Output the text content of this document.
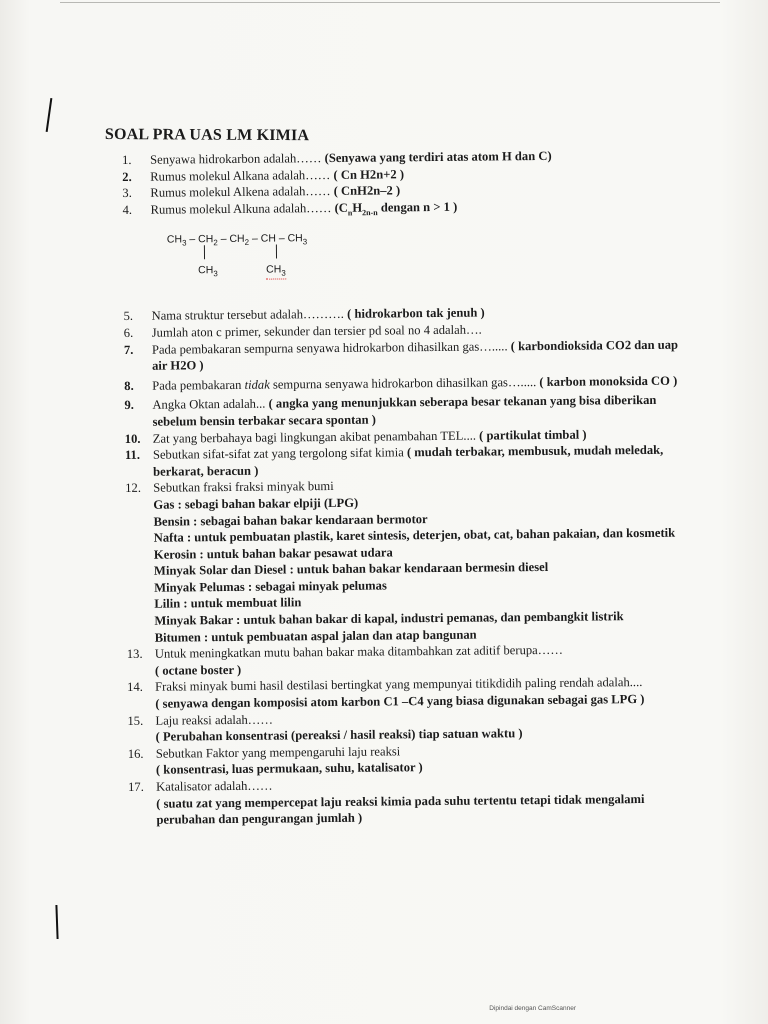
SOAL PRA UAS LM KIMIA

1.	Senyawa hidrokarbon adalah…… (Senyawa yang terdiri atas atom H dan C)

2.	Rumus molekul Alkana adalah…… ( Cn H2n+2 )

3.	Rumus molekul Alkena adalah…… ( CnH2n–2 )

4.	Rumus molekul Alkuna adalah…… ($C_nH_{2n-n}$ dengan n > 1 )

$CH_3 - CH_2 - CH_2$ – CH – $CH_3$
$CH_3$	$CH_3$

5.	Nama struktur tersebut adalah………. ( hidrokarbon tak jenuh )

6.	Jumlah aton c primer, sekunder dan tersier pd soal no 4 adalah….

7.	Pada pembakaran sempurna senyawa hidrokarbon dihasilkan gas…..... ( karbondioksida CO2 dan uap air H2O )

8.	Pada pembakaran tidak sempurna senyawa hidrokarbon dihasilkan gas…..... ( karbon monoksida CO )

9.	Angka Oktan adalah... ( angka yang menunjukkan seberapa besar tekanan yang bisa diberikan sebelum bensin terbakar secara spontan )

10. Zat yang berbahaya bagi lingkungan akibat penambahan TEL.... ( partikulat timbal )

11.	Sebutkan sifat-sifat zat yang tergolong sifat kimia ( mudah terbakar, membusuk, mudah meledak, berkarat, beracun )

12. Sebutkan fraksi fraksi minyak bumi

Gas : sebagi bahan bakar elpiji (LPG)

Bensin : sebagai bahan bakar kendaraan bermotor

Nafta : untuk pembuatan plastik, karet sintesis, deterjen, obat, cat, bahan pakaian, dan kosmetik

Kerosin : untuk bahan bakar pesawat udara

Minyak Solar dan Diesel : untuk bahan bakar kendaraan bermesin diesel

Minyak Pelumas : sebagai minyak pelumas

Lilin : untuk membuat lilin

Minyak Bakar : untuk bahan bakar di kapal, industri pemanas, dan pembangkit listrik

Bitumen : untuk pembuatan aspal jalan dan atap bangunan

13. Untuk meningkatkan mutu bahan bakar maka ditambahkan zat aditif berupa……

( octane boster )

14. Fraksi minyak bumi hasil destilasi bertingkat yang mempunyai titikdidih paling rendah adalah....

( senyawa dengan komposisi atom karbon C1 –C4 yang biasa digunakan sebagai gas LPG )

15. Laju reaksi adalah……

( Perubahan konsentrasi (pereaksi / hasil reaksi) tiap satuan waktu )

16. Sebutkan Faktor yang mempengaruhi laju reaksi

( konsentrasi, luas permukaan, suhu, katalisator )

17. Katalisator adalah……

( suatu zat yang mempercepat laju reaksi kimia pada suhu tertentu tetapi tidak mengalami perubahan dan pengurangan jumlah )

Dipindai dengan CamScanner
